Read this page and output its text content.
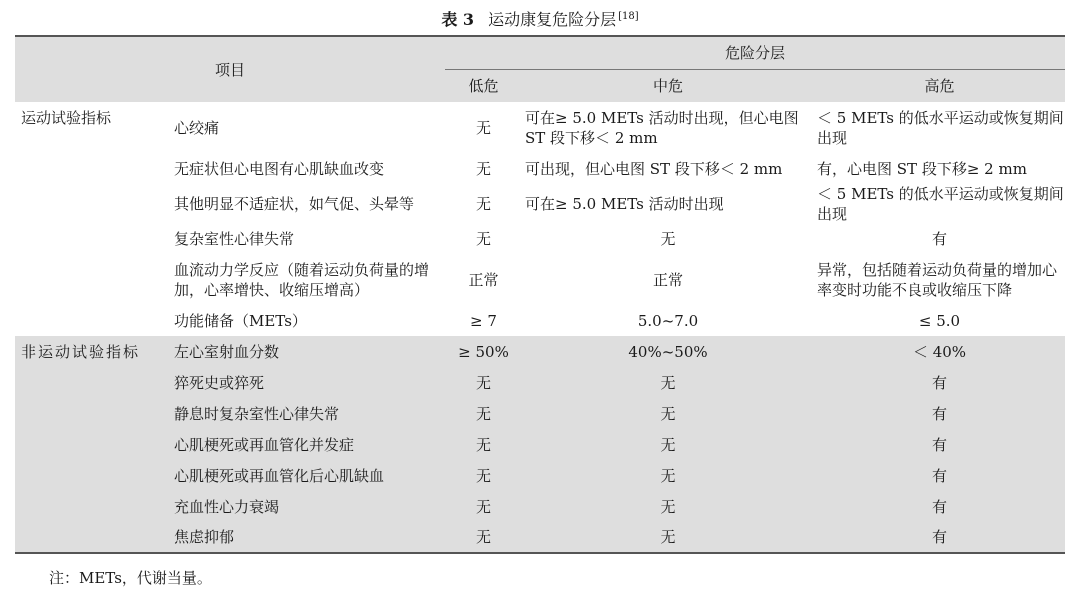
表 3 运动康复危险分层 [18]
项目		危险分层		
		低危	中危	高危
运动试验指标	心绞痛	无	可在≥ 5.0 METs 活动时出现，但心电图 ST 段下移＜ 2 mm	＜ 5 METs 的低水平运动或恢复期间出现
	无症状但心电图有心肌缺血改变	无	可出现，但心电图 ST 段下移＜ 2 mm	有，心电图 ST 段下移≥ 2 mm
	其他明显不适症状，如气促、头晕等	无	可在≥ 5.0 METs 活动时出现	＜ 5 METs 的低水平运动或恢复期间出现
	复杂室性心律失常	无	无	有
	血流动力学反应（随着运动负荷量的增加，心率增快、收缩压增高）	正常	正常	异常，包括随着运动负荷量的增加心率变时功能不良或收缩压下降
	功能储备（METs）	≥ 7	5.0~7.0	≤ 5.0
非运动试验指标	左心室射血分数	≥ 50%	40%~50%	＜ 40%
	猝死史或猝死	无	无	有
	静息时复杂室性心律失常	无	无	有
	心肌梗死或再血管化并发症	无	无	有
	心肌梗死或再血管化后心肌缺血	无	无	有
	充血性心力衰竭	无	无	有
	焦虑抑郁	无	无	有
注：METs，代谢当量。
